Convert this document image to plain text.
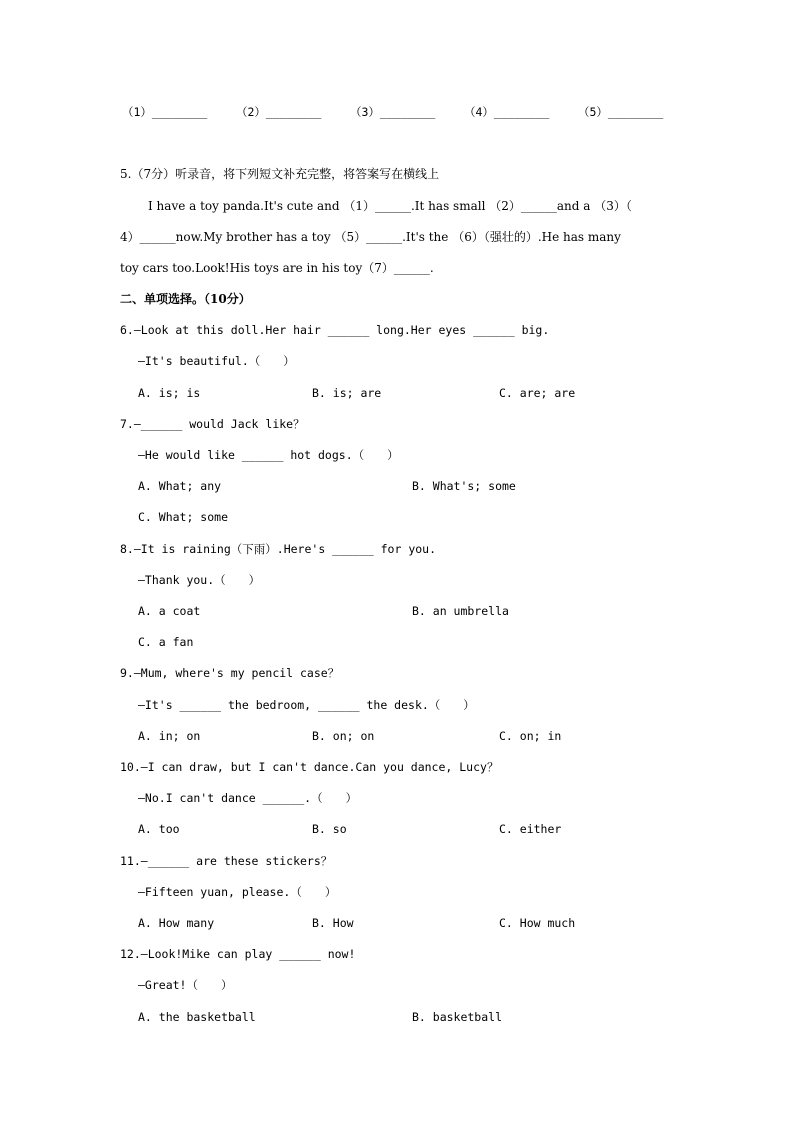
（1）________ （2）________ （3）________ （4）________ （5）________
5.（7分）听录音，将下列短文补充完整，将答案写在横线上
I have a toy panda.It's cute and （1）______.It has small （2）______and a （3）（
4）______now.My brother has a toy （5）______.It's the （6）（强壮的）.He has many
toy cars too.Look!His toys are in his toy（7）______.
二、单项选择。（10分）
6.—Look at this doll.Her hair ______ long.Her eyes ______ big.
—It's beautiful.（　　）
A. is; is	B. is; are	C. are; are
7.—______ would Jack like？
—He would like ______ hot dogs.（　　）
A. What; any	B. What's; some
C. What; some
8.—It is raining（下雨）.Here's ______ for you.
—Thank you.（　　）
A. a coat	B. an umbrella
C. a fan
9.—Mum, where's my pencil case？
—It's ______ the bedroom, ______ the desk.（　　）
A. in; on	B. on; on	C. on; in
10.—I can draw, but I can't dance.Can you dance, Lucy？
—No.I can't dance ______.（　　）
A. too	B. so	C. either
11.—______ are these stickers？
—Fifteen yuan, please.（　　）
A. How many	B. How	C. How much
12.—Look!Mike can play ______ now!
—Great!（　　）
A. the basketball	B. basketball
